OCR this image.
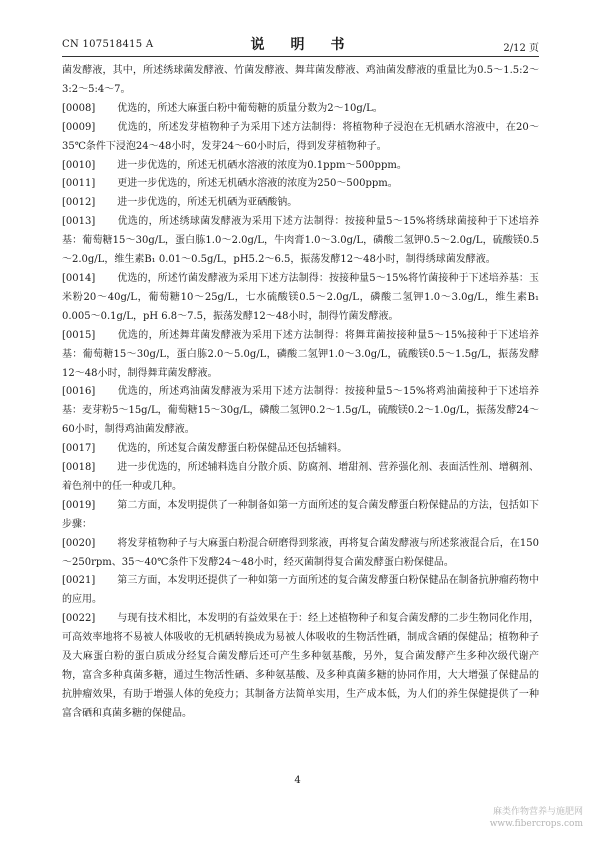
CN 107518415 A	说　明　书	2/12 页

菌发酵液，其中，所述绣球菌发酵液、竹菌发酵液、舞茸菌发酵液、鸡油菌发酵液的重量比为0.5～1.5:2～3:2～5:4～7。

[0008] 优选的，所述大麻蛋白粉中葡萄糖的质量分数为2～10g/L。

[0009] 优选的，所述发芽植物种子为采用下述方法制得：将植物种子浸泡在无机硒水溶液中，在20～35℃条件下浸泡24～48小时，发芽24～60小时后，得到发芽植物种子。

[0010] 进一步优选的，所述无机硒水溶液的浓度为0.1ppm～500ppm。

[0011] 更进一步优选的，所述无机硒水溶液的浓度为250～500ppm。

[0012] 进一步优选的，所述无机硒为亚硒酸钠。

[0013] 优选的，所述绣球菌发酵液为采用下述方法制得：按接种量5～15%将绣球菌接种于下述培养基：葡萄糖15～30g/L，蛋白胨1.0～2.0g/L，牛肉膏1.0～3.0g/L，磷酸二氢钾0.5～2.0g/L，硫酸镁0.5～2.0g/L，维生素B₁ 0.01～0.5g/L，pH5.2～6.5，振荡发酵12～48小时，制得绣球菌发酵液。

[0014] 优选的，所述竹菌发酵液为采用下述方法制得：按接种量5～15%将竹菌接种于下述培养基：玉米粉20～40g/L，葡萄糖10～25g/L，七水硫酸镁0.5～2.0g/L，磷酸二氢钾1.0～3.0g/L，维生素B₁ 0.005～0.1g/L，pH 6.8～7.5，振荡发酵12～48小时，制得竹菌发酵液。

[0015] 优选的，所述舞茸菌发酵液为采用下述方法制得：将舞茸菌按接种量5～15%接种于下述培养基：葡萄糖15～30g/L，蛋白胨2.0～5.0g/L，磷酸二氢钾1.0～3.0g/L，硫酸镁0.5～1.5g/L，振荡发酵12～48小时，制得舞茸菌发酵液。

[0016] 优选的，所述鸡油菌发酵液为采用下述方法制得：按接种量5～15%将鸡油菌接种于下述培养基：麦芽粉5～15g/L，葡萄糖15～30g/L，磷酸二氢钾0.2～1.5g/L，硫酸镁0.2～1.0g/L，振荡发酵24～60小时，制得鸡油菌发酵液。

[0017] 优选的，所述复合菌发酵蛋白粉保健品还包括辅料。

[0018] 进一步优选的，所述辅料选自分散介质、防腐剂、增甜剂、营养强化剂、表面活性剂、增稠剂、着色剂中的任一种或几种。

[0019] 第二方面，本发明提供了一种制备如第一方面所述的复合菌发酵蛋白粉保健品的方法，包括如下步骤：

[0020] 将发芽植物种子与大麻蛋白粉混合研磨得到浆液，再将复合菌发酵液与所述浆液混合后，在150～250rpm、35～40℃条件下发酵24～48小时，经灭菌制得复合菌发酵蛋白粉保健品。

[0021] 第三方面，本发明还提供了一种如第一方面所述的复合菌发酵蛋白粉保健品在制备抗肿瘤药物中的应用。

[0022] 与现有技术相比，本发明的有益效果在于：经上述植物种子和复合菌发酵的二步生物同化作用，可高效率地将不易被人体吸收的无机硒转换成为易被人体吸收的生物活性硒，制成含硒的保健品；植物种子及大麻蛋白粉的蛋白质成分经复合菌发酵后还可产生多种氨基酸，另外，复合菌发酵产生多种次级代谢产物，富含多种真菌多糖，通过生物活性硒、多种氨基酸、及多种真菌多糖的协同作用，大大增强了保健品的抗肿瘤效果，有助于增强人体的免疫力；其制备方法简单实用，生产成本低，为人们的养生保健提供了一种富含硒和真菌多糖的保健品。

4
麻类作物营养与施肥网
www.fibercrops.com
